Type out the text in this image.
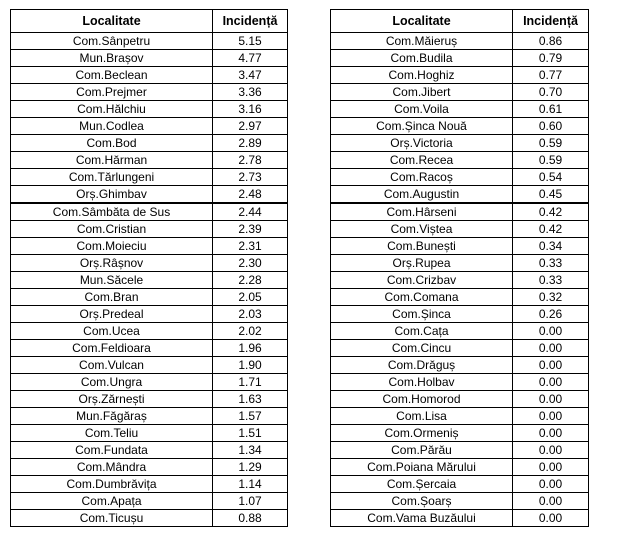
Localitate	Incidență
Com.Sânpetru	5.15
Mun.Brașov	4.77
Com.Beclean	3.47
Com.Prejmer	3.36
Com.Hălchiu	3.16
Mun.Codlea	2.97
Com.Bod	2.89
Com.Hărman	2.78
Com.Tărlungeni	2.73
Orș.Ghimbav	2.48
Com.Sâmbăta de Sus	2.44
Com.Cristian	2.39
Com.Moieciu	2.31
Orș.Râșnov	2.30
Mun.Săcele	2.28
Com.Bran	2.05
Orș.Predeal	2.03
Com.Ucea	2.02
Com.Feldioara	1.96
Com.Vulcan	1.90
Com.Ungra	1.71
Orș.Zărnești	1.63
Mun.Făgăraș	1.57
Com.Teliu	1.51
Com.Fundata	1.34
Com.Mândra	1.29
Com.Dumbrăvița	1.14
Com.Apața	1.07
Com.Ticușu	0.88
Localitate	Incidență
Com.Măieruș	0.86
Com.Budila	0.79
Com.Hoghiz	0.77
Com.Jibert	0.70
Com.Voila	0.61
Com.Șinca Nouă	0.60
Orș.Victoria	0.59
Com.Recea	0.59
Com.Racoș	0.54
Com.Augustin	0.45
Com.Hârseni	0.42
Com.Viștea	0.42
Com.Bunești	0.34
Orș.Rupea	0.33
Com.Crizbav	0.33
Com.Comana	0.32
Com.Șinca	0.26
Com.Cața	0.00
Com.Cincu	0.00
Com.Drăguș	0.00
Com.Holbav	0.00
Com.Homorod	0.00
Com.Lisa	0.00
Com.Ormeniș	0.00
Com.Părău	0.00
Com.Poiana Mărului	0.00
Com.Șercaia	0.00
Com.Șoarș	0.00
Com.Vama Buzăului	0.00
